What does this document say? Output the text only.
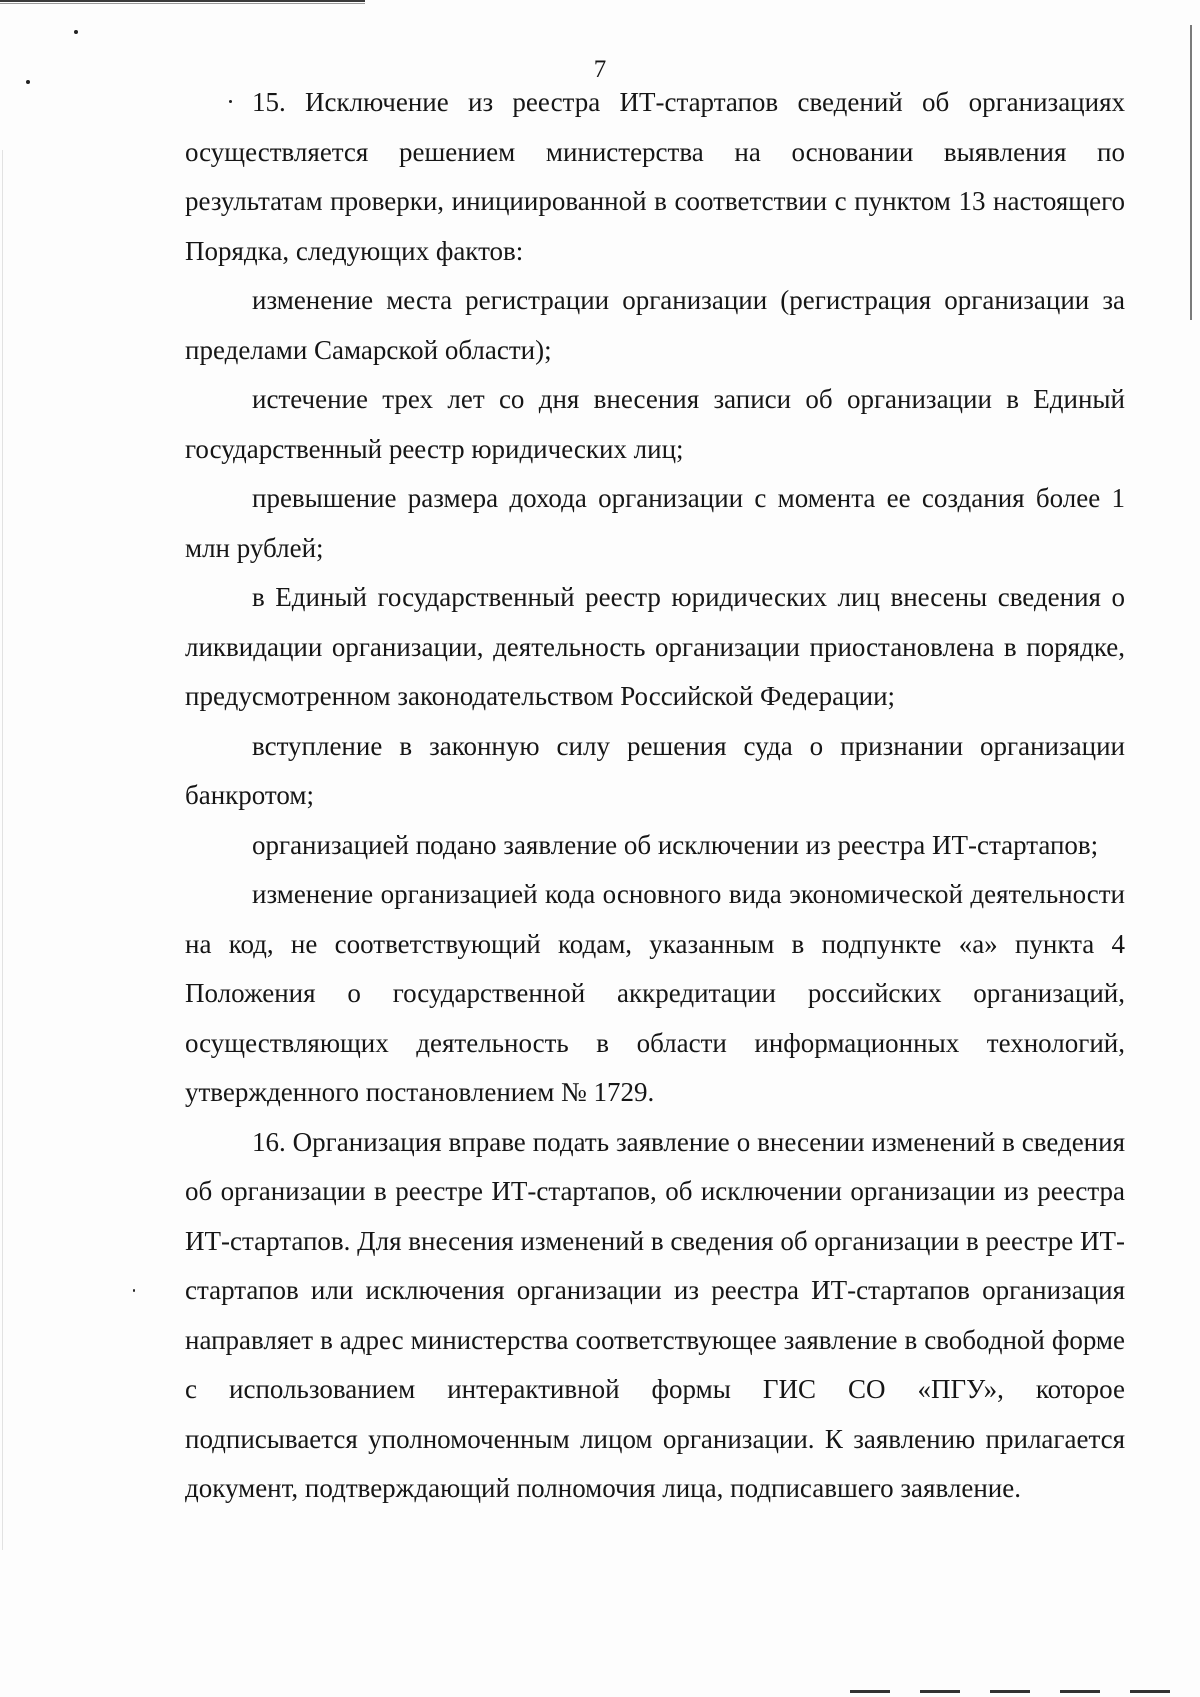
7

15. Исключение из реестра ИТ-стартапов сведений об организациях осуществляется решением министерства на основании выявления по результатам проверки, инициированной в соответствии с пунктом 13 настоящего Порядка, следующих фактов:

изменение места регистрации организации (регистрация организации за пределами Самарской области);

истечение трех лет со дня внесения записи об организации в Единый государственный реестр юридических лиц;

превышение размера дохода организации с момента ее создания более 1 млн рублей;

в Единый государственный реестр юридических лиц внесены сведения о ликвидации организации, деятельность организации приостановлена в порядке, предусмотренном законодательством Российской Федерации;

вступление в законную силу решения суда о признании организации банкротом;

организацией подано заявление об исключении из реестра ИТ-стартапов;

изменение организацией кода основного вида экономической деятельности на код, не соответствующий кодам, указанным в подпункте «а» пункта 4 Положения о государственной аккредитации российских организаций, осуществляющих деятельность в области информационных технологий, утвержденного постановлением № 1729.

16. Организация вправе подать заявление о внесении изменений в сведения об организации в реестре ИТ-стартапов, об исключении организации из реестра ИТ-стартапов. Для внесения изменений в сведения об организации в реестре ИТ-стартапов или исключения организации из реестра ИТ-стартапов организация направляет в адрес министерства соответствующее заявление в свободной форме с использованием интерактивной формы ГИС СО «ПГУ», которое подписывается уполномоченным лицом организации. К заявлению прилагается документ, подтверждающий полномочия лица, подписавшего заявление.
